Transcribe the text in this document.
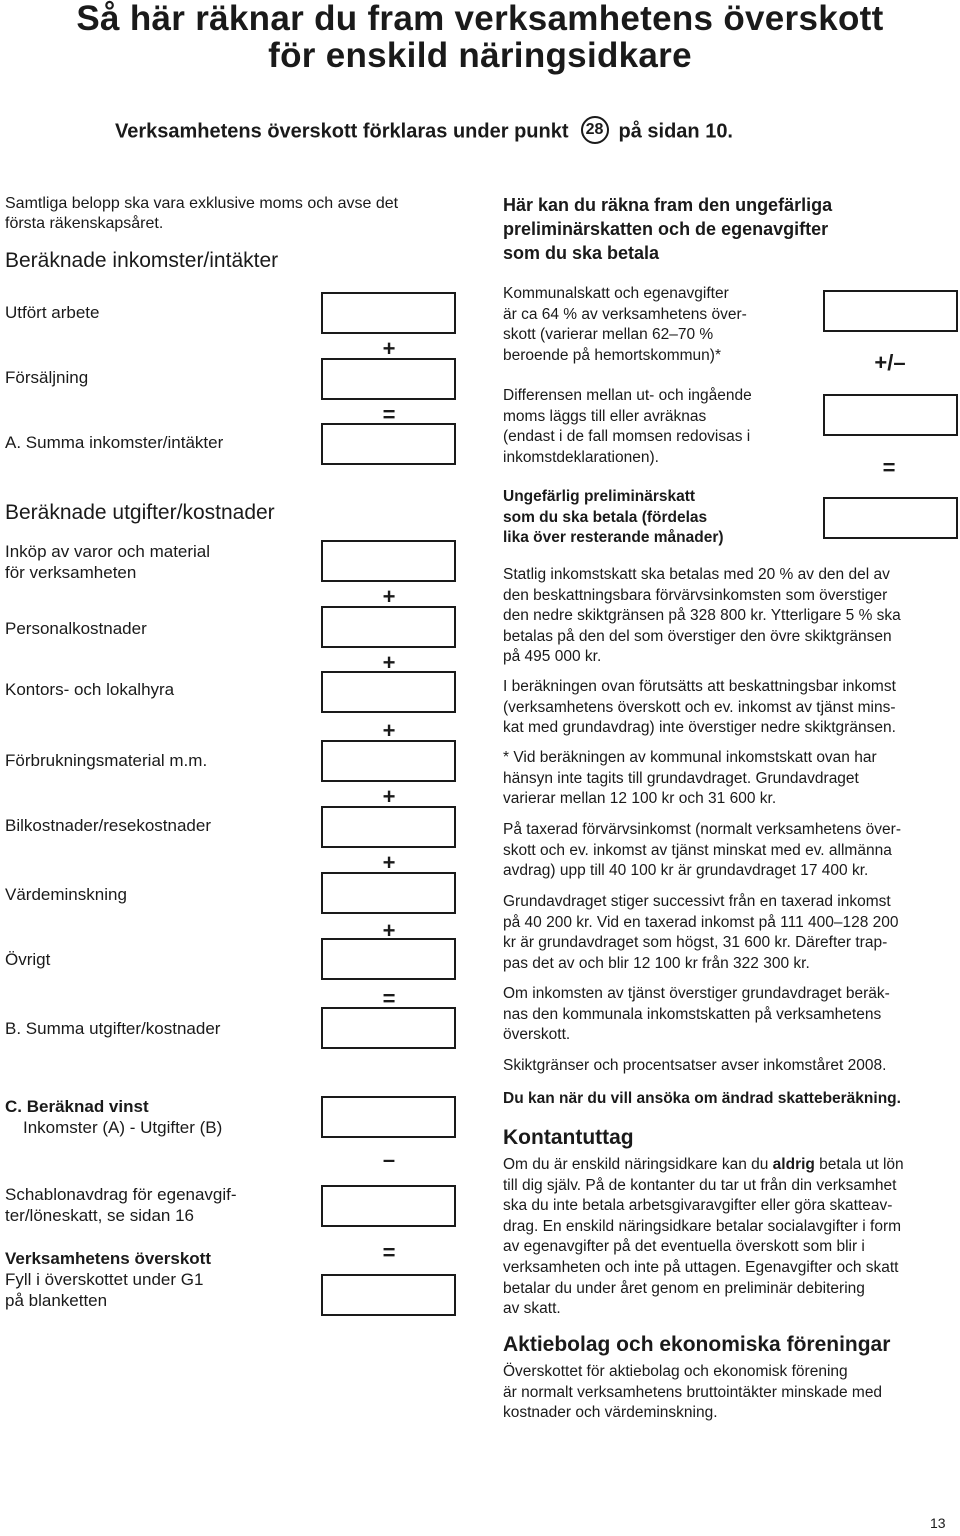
Så här räknar du fram verksamhetens överskott
för enskild näringsidkare
Verksamhetens överskott förklaras under punkt 28 på sidan 10.
Samtliga belopp ska vara exklusive moms och avse det
första räkenskapsåret.
Beräknade inkomster/intäkter
Utfört arbete
Försäljning
A. Summa inkomster/intäkter
Beräknade utgifter/kostnader
Inköp av varor och material
för verksamheten
Personalkostnader
Kontors- och lokalhyra
Förbrukningsmaterial m.m.
Bilkostnader/resekostnader
Värdeminskning
Övrigt
B. Summa utgifter/kostnader
C. Beräknad vinst
Inkomster (A) - Utgifter (B)
Schablonavdrag för egenavgif-
ter/löneskatt, se sidan 16
Verksamhetens överskott
Fyll i överskottet under G1
på blanketten
+
=
+
+
+
+
+
+
=
–
=
Här kan du räkna fram den ungefärliga
preliminärskatten och de egenavgifter
som du ska betala
Kommunalskatt och egenavgifter
är ca 64 % av verksamhetens över-
skott (varierar mellan 62–70 %
beroende på hemortskommun)*
Differensen mellan ut- och ingående
moms läggs till eller avräknas
(endast i de fall momsen redovisas i
inkomstdeklarationen).
Ungefärlig preliminärskatt
som du ska betala (fördelas
lika över resterande månader)
+/–
=
Statlig inkomstskatt ska betalas med 20 % av den del av
den beskattningsbara förvärvsinkomsten som överstiger
den nedre skiktgränsen på 328 800 kr. Ytterligare 5 % ska
betalas på den del som överstiger den övre skiktgränsen
på 495 000 kr.
I beräkningen ovan förutsätts att beskattningsbar inkomst
(verksamhetens överskott och ev. inkomst av tjänst mins-
kat med grundavdrag) inte överstiger nedre skiktgränsen.
* Vid beräkningen av kommunal inkomstskatt ovan har
hänsyn inte tagits till grundavdraget. Grundavdraget
varierar mellan 12 100 kr och 31 600 kr.
På taxerad förvärvsinkomst (normalt verksamhetens över-
skott och ev. inkomst av tjänst minskat med ev. allmänna
avdrag) upp till 40 100 kr är grundavdraget 17 400 kr.
Grundavdraget stiger successivt från en taxerad inkomst
på 40 200 kr. Vid en taxerad inkomst på 111 400–128 200
kr är grundavdraget som högst, 31 600 kr. Därefter trap-
pas det av och blir 12 100 kr från 322 300 kr.
Om inkomsten av tjänst överstiger grundavdraget beräk-
nas den kommunala inkomstskatten på verksamhetens
överskott.
Skiktgränser och procentsatser avser inkomståret 2008.
Du kan när du vill ansöka om ändrad skatteberäkning.
Kontantuttag
Om du är enskild näringsidkare kan du aldrig betala ut lön
till dig själv. På de kontanter du tar ut från din verksamhet
ska du inte betala arbetsgivaravgifter eller göra skatteav-
drag. En enskild näringsidkare betalar socialavgifter i form
av egenavgifter på det eventuella överskott som blir i
verksamheten och inte på uttagen. Egenavgifter och skatt
betalar du under året genom en preliminär debitering
av skatt.
Aktiebolag och ekonomiska föreningar
Överskottet för aktiebolag och ekonomisk förening
är normalt verksamhetens bruttointäkter minskade med
kostnader och värdeminskning.
13
